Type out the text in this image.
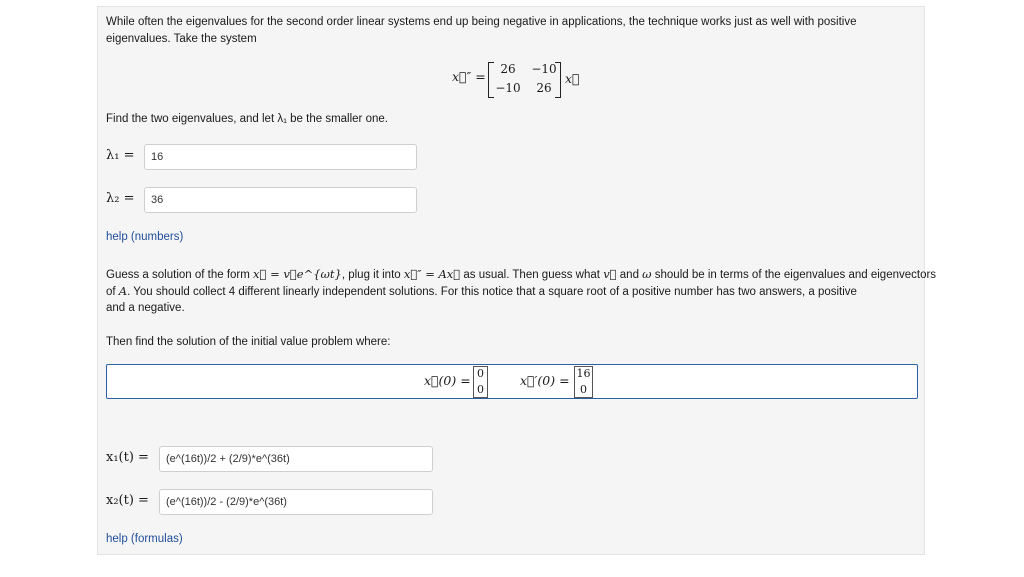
While often the eigenvalues for the second order linear systems end up being negative in applications, the technique works just as well with positive
eigenvalues. Take the system
x⃗″ =	26	−10
−10	26
x⃗
Find the two eigenvalues, and let λ₁ be the smaller one.
λ₁ =	16
λ₂ =	36
help (numbers)
Guess a solution of the form x⃗ = v⃗e^{ωt}, plug it into x⃗″ = Ax⃗ as usual. Then guess what v⃗ and ω should be in terms of the eigenvalues and eigenvectors
of A. You should collect 4 different linearly independent solutions. For this notice that a square root of a positive number has two answers, a positive
and a negative.
Then find the solution of the initial value problem where:
x⃗(0) = 0
0
x⃗′(0) = 16
0
x₁(t) =	(e^(16t))/2 + (2/9)*e^(36t)
x₂(t) =	(e^(16t))/2 - (2/9)*e^(36t)
help (formulas)
